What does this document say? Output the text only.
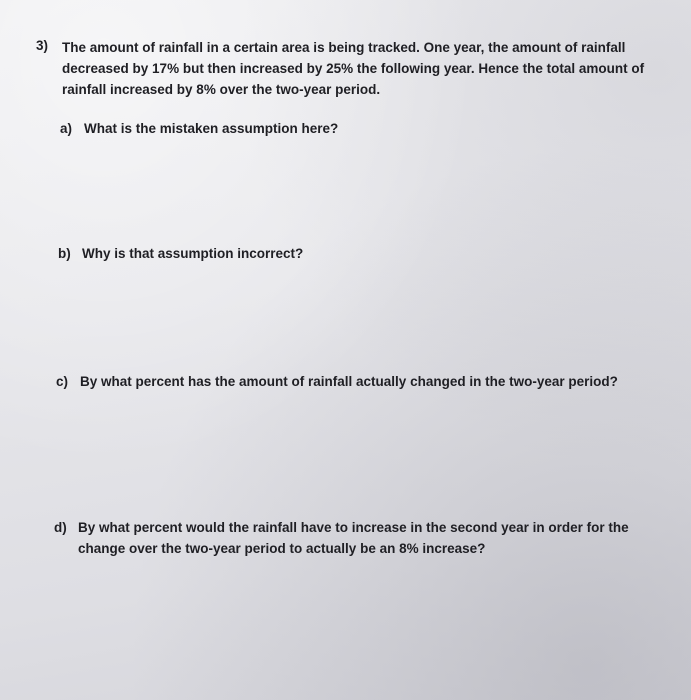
3) The amount of rainfall in a certain area is being tracked. One year, the amount of rainfall decreased by 17% but then increased by 25% the following year. Hence the total amount of rainfall increased by 8% over the two-year period.
a) What is the mistaken assumption here?
b) Why is that assumption incorrect?
c) By what percent has the amount of rainfall actually changed in the two-year period?
d) By what percent would the rainfall have to increase in the second year in order for the change over the two-year period to actually be an 8% increase?
